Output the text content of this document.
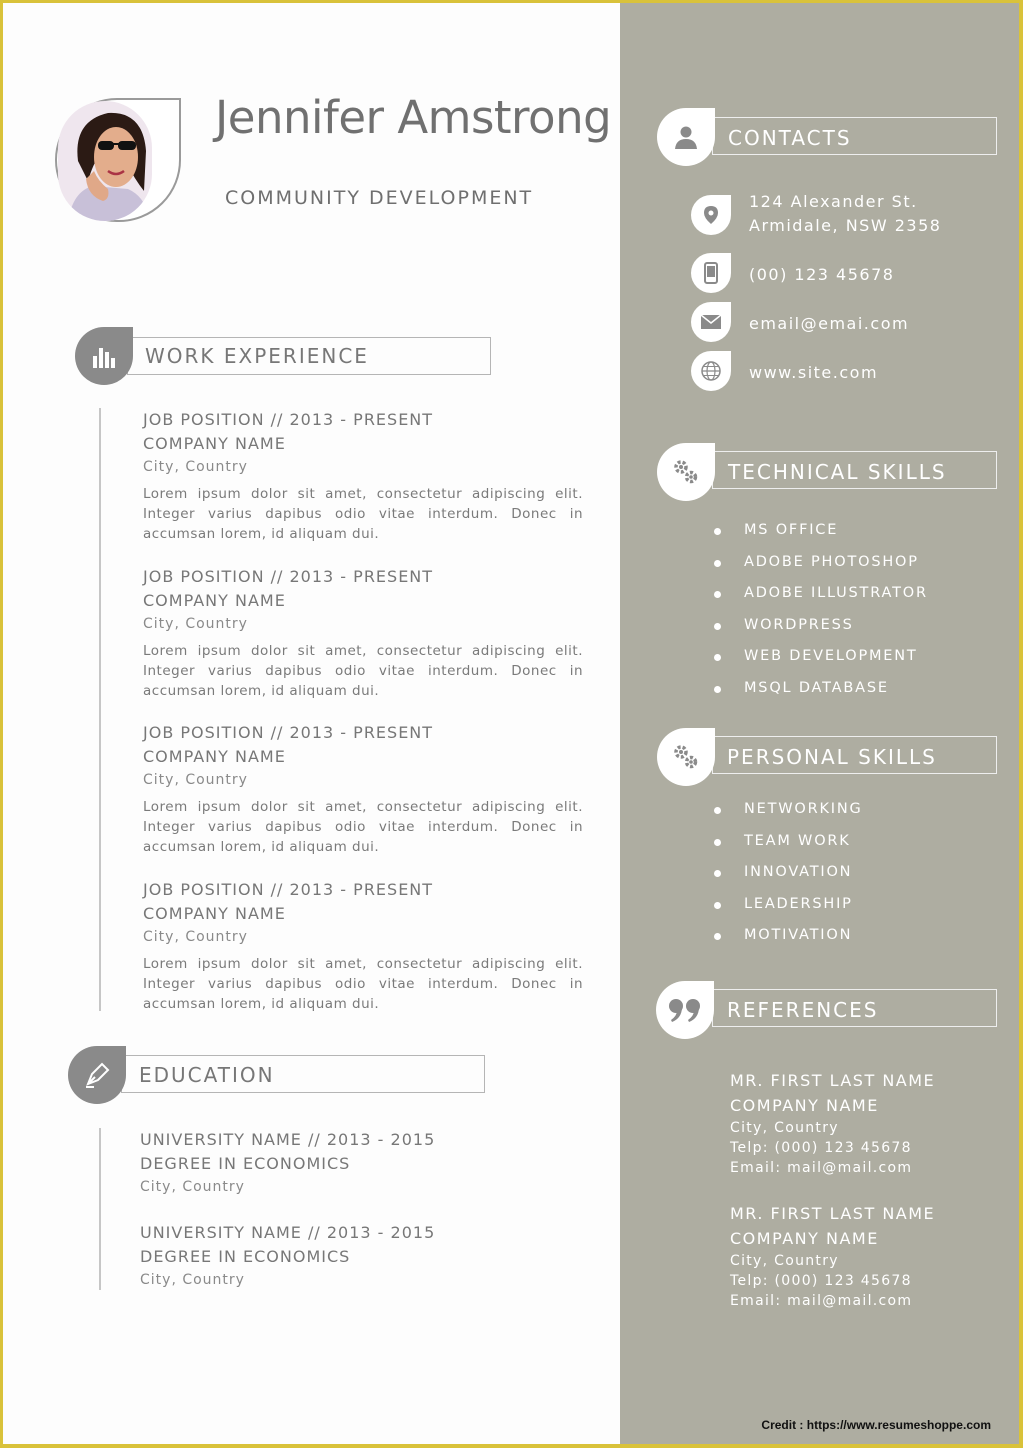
Jennifer Amstrong
COMMUNITY DEVELOPMENT
WORK EXPERIENCE
JOB POSITION // 2013 - PRESENT
COMPANY NAME
City, Country
Lorem ipsum dolor sit amet, consectetur adipiscing elit. Integer varius dapibus odio vitae interdum. Donec in accumsan lorem, id aliquam dui.
JOB POSITION // 2013 - PRESENT
COMPANY NAME
City, Country
Lorem ipsum dolor sit amet, consectetur adipiscing elit. Integer varius dapibus odio vitae interdum. Donec in accumsan lorem, id aliquam dui.
JOB POSITION // 2013 - PRESENT
COMPANY NAME
City, Country
Lorem ipsum dolor sit amet, consectetur adipiscing elit. Integer varius dapibus odio vitae interdum. Donec in accumsan lorem, id aliquam dui.
JOB POSITION // 2013 - PRESENT
COMPANY NAME
City, Country
Lorem ipsum dolor sit amet, consectetur adipiscing elit. Integer varius dapibus odio vitae interdum. Donec in accumsan lorem, id aliquam dui.
EDUCATION
UNIVERSITY NAME // 2013 - 2015
DEGREE IN ECONOMICS
City, Country
UNIVERSITY NAME // 2013 - 2015
DEGREE IN ECONOMICS
City, Country
CONTACTS
TECHNICAL SKILLS
PERSONAL SKILLS
REFERENCES
124 Alexander St.
Armidale, NSW 2358
(00) 123 45678
email@emai.com
www.site.com
MS OFFICE
ADOBE PHOTOSHOP
ADOBE ILLUSTRATOR
WORDPRESS
WEB DEVELOPMENT
MSQL DATABASE
NETWORKING
TEAM WORK
INNOVATION
LEADERSHIP
MOTIVATION
MR. FIRST LAST NAME
COMPANY NAME
City, Country
Telp: (000) 123 45678
Email: mail@mail.com
MR. FIRST LAST NAME
COMPANY NAME
City, Country
Telp: (000) 123 45678
Email: mail@mail.com
Credit : https://www.resumeshoppe.com
